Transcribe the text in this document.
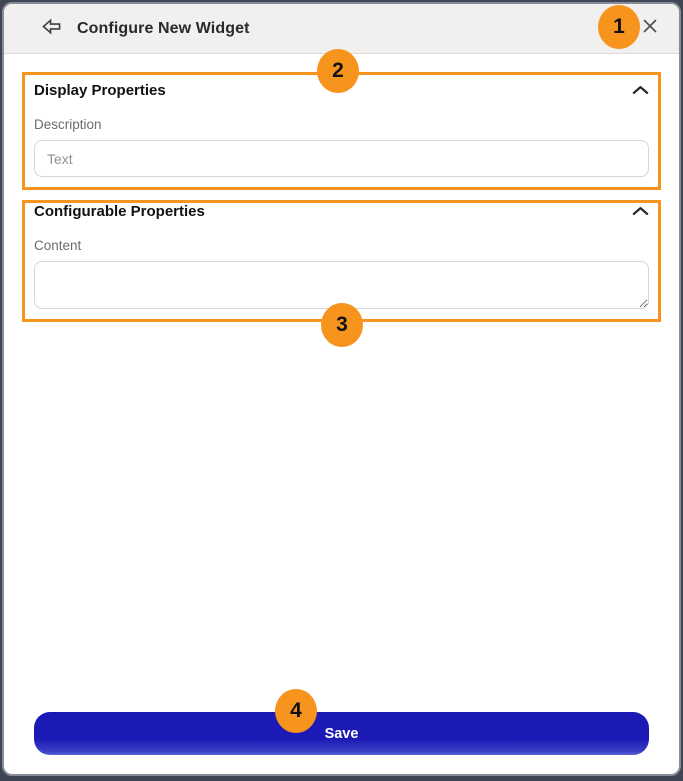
Configure New Widget
Display Properties
Description
Text
Configurable Properties
Content
Save
1
2
3
4
